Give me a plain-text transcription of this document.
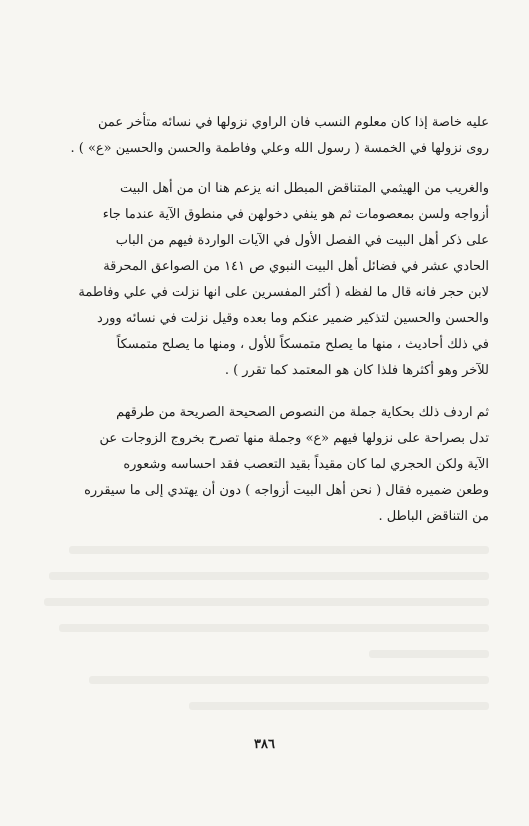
عليه خاصة إذا كان معلوم النسب فان الراوي نزولها في نسائه متأخر عمن
روى نزولها في الخمسة ( رسول الله وعلي وفاطمة والحسن والحسين «ع» ) .
والغريب من الهيثمي المتناقض المبطل انه يزعم هنا ان من أهل البيت
أزواجه ولسن بمعصومات ثم هو ينفي دخولهن في منطوق الآية عندما جاء
على ذكر أهل البيت في الفصل الأول في الآيات الواردة فيهم من الباب
الحادي عشر في فضائل أهل البيت النبوي ص ١٤١ من الصواعق المحرقة
لابن حجر فانه قال ما لفظه ( أكثر المفسرين على انها نزلت في علي وفاطمة
والحسن والحسين لتذكير ضمير عنكم وما بعده وقيل نزلت في نسائه وورد
في ذلك أحاديث ، منها ما يصلح متمسكاً للأول ، ومنها ما يصلح متمسكاً
للآخر وهو أكثرها فلذا كان هو المعتمد كما تقرر ) .
ثم اردف ذلك بحكاية جملة من النصوص الصحيحة الصريحة من طرقهم
تدل بصراحة على نزولها فيهم «ع» وجملة منها تصرح بخروج الزوجات عن
الآية ولكن الحجري لما كان مقيداً بقيد التعصب فقد احساسه وشعوره
وطعن ضميره فقال ( نحن أهل البيت أزواجه ) دون أن يهتدي إلى ما سيقرره
من التناقض الباطل .
٣٨٦
